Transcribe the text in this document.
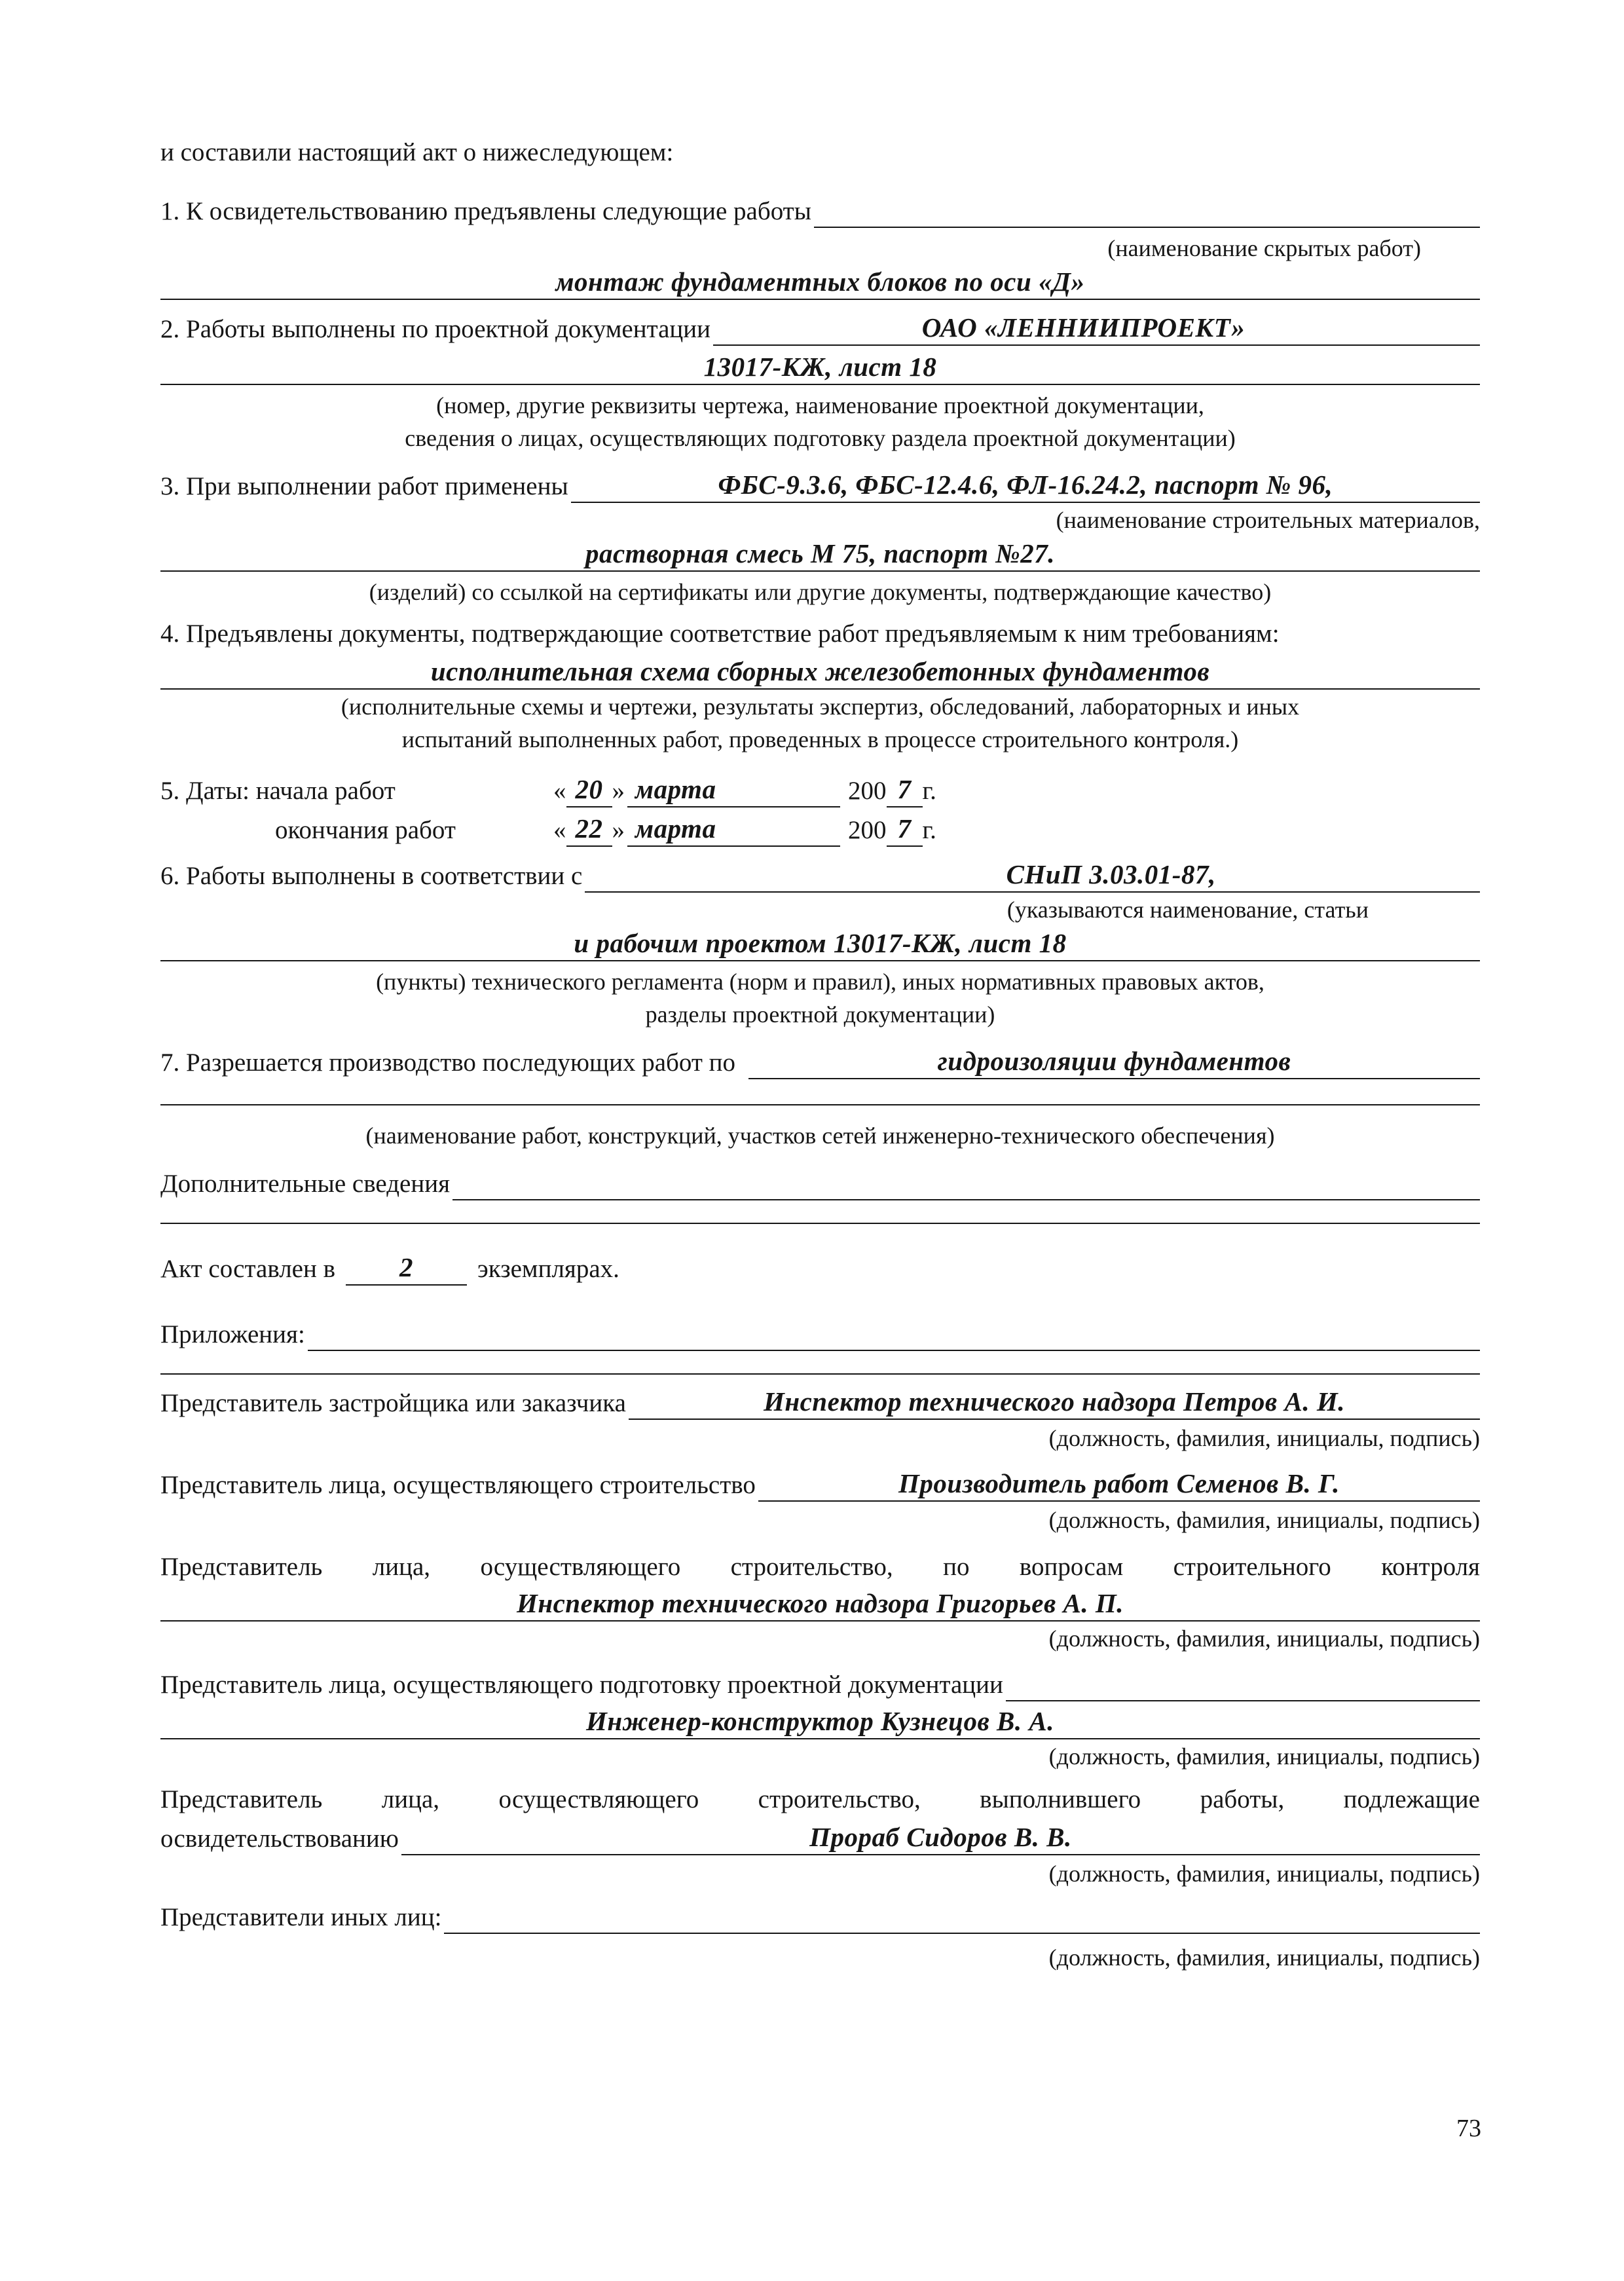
и составили настоящий акт о нижеследующем:
1. К освидетельствованию предъявлены следующие работы
(наименование скрытых работ)
монтаж фундаментных блоков по оси «Д»
2. Работы выполнены по проектной документации	ОАО «ЛЕННИИПРОЕКТ»
13017-КЖ, лист 18
(номер, другие реквизиты чертежа, наименование проектной документации,
сведения о лицах, осуществляющих подготовку раздела проектной документации)
3. При выполнении работ применены	ФБС-9.3.6, ФБС-12.4.6, ФЛ-16.24.2, паспорт № 96,
(наименование строительных материалов,
растворная смесь М 75, паспорт №27.
(изделий) со ссылкой на сертификаты или другие документы, подтверждающие качество)
4. Предъявлены документы, подтверждающие соответствие работ предъявляемым к ним требованиям:
исполнительная схема сборных железобетонных фундаментов
(исполнительные схемы и чертежи, результаты экспертиз, обследований, лабораторных и иных
испытаний выполненных работ, проведенных в процессе строительного контроля.)
5. Даты: начала работ	« 20 » марта	200 7 г.
окончания работ	« 22 » марта	200 7 г.
6. Работы выполнены в соответствии с	СНиП 3.03.01-87,
(указываются наименование, статьи
и рабочим проектом 13017-КЖ, лист 18
(пункты) технического регламента (норм и правил), иных нормативных правовых актов,
разделы проектной документации)
7. Разрешается производство последующих работ по	гидроизоляции фундаментов
(наименование работ, конструкций, участков сетей инженерно-технического обеспечения)
Дополнительные сведения
Акт составлен в 2	экземплярах.
Приложения:
Представитель застройщика или заказчика	Инспектор технического надзора Петров А. И.
(должность, фамилия, инициалы, подпись)
Представитель лица, осуществляющего строительство	Производитель работ Семенов В. Г.
(должность, фамилия, инициалы, подпись)
Представитель лица, осуществляющего строительство, по вопросам строительного контроля
Инспектор технического надзора Григорьев А. П.
(должность, фамилия, инициалы, подпись)
Представитель лица, осуществляющего подготовку проектной документации
Инженер-конструктор Кузнецов В. А.
(должность, фамилия, инициалы, подпись)
Представитель лица, осуществляющего строительство, выполнившего работы, подлежащие
освидетельствованию	Прораб Сидоров В. В.
(должность, фамилия, инициалы, подпись)
Представители иных лиц:
(должность, фамилия, инициалы, подпись)
73
